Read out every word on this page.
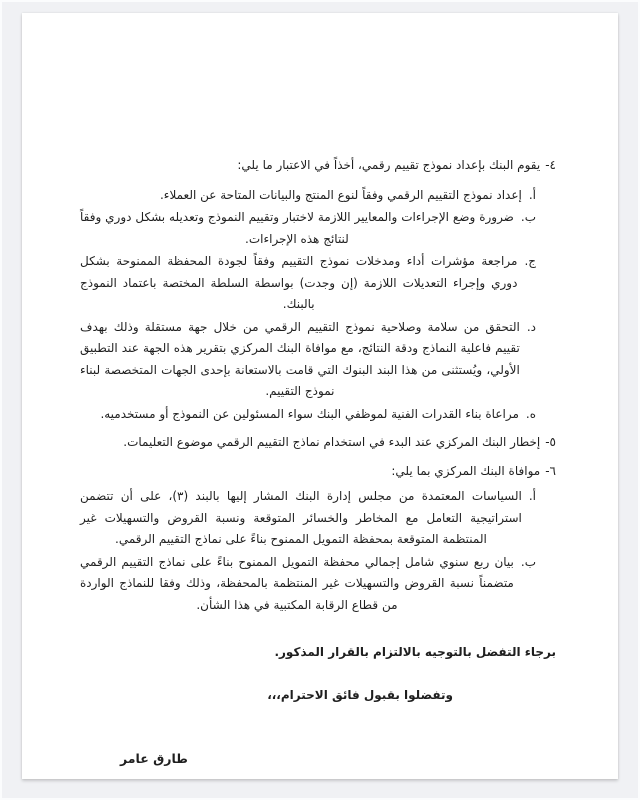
٤-
يقوم البنك بإعداد نموذج تقييم رقمي، أخذاً في الاعتبار ما يلي:
أ.
إعداد نموذج التقييم الرقمي وفقاً لنوع المنتج والبيانات المتاحة عن العملاء.
ب.
ضرورة وضع الإجراءات والمعايير اللازمة لاختبار وتقييم النموذج وتعديله بشكل دوري وفقاً لنتائج هذه الإجراءات.
ج.
مراجعة مؤشرات أداء ومدخلات نموذج التقييم وفقاً لجودة المحفظة الممنوحة بشكل دوري وإجراء التعديلات اللازمة (إن وجدت) بواسطة السلطة المختصة باعتماد النموذج بالبنك.
د.
التحقق من سلامة وصلاحية نموذج التقييم الرقمي من خلال جهة مستقلة وذلك بهدف تقييم فاعلية النماذج ودقة النتائج، مع موافاة البنك المركزي بتقرير هذه الجهة عند التطبيق الأولي، ويُستثنى من هذا البند البنوك التي قامت بالاستعانة بإحدى الجهات المتخصصة لبناء نموذج التقييم.
ه.
مراعاة بناء القدرات الفنية لموظفي البنك سواء المسئولين عن النموذج أو مستخدميه.
٥-
إخطار البنك المركزي عند البدء في استخدام نماذج التقييم الرقمي موضوع التعليمات.
٦-
موافاة البنك المركزي بما يلي:
أ.
السياسات المعتمدة من مجلس إدارة البنك المشار إليها بالبند (٣)، على أن تتضمن استراتيجية التعامل مع المخاطر والخسائر المتوقعة ونسبة القروض والتسهيلات غير المنتظمة المتوقعة بمحفظة التمويل الممنوح بناءً على نماذج التقييم الرقمي.
ب.
بيان ربع سنوي شامل إجمالي محفظة التمويل الممنوح بناءً على نماذج التقييم الرقمي متضمناً نسبة القروض والتسهيلات غير المنتظمة بالمحفظة، وذلك وفقا للنماذج الواردة من قطاع الرقابة المكتبية في هذا الشأن.
برجاء التفضل بالتوجيه بالالتزام بالقرار المذكور.
وتفضلوا بقبول فائق الاحترام،،،
طارق عامر
